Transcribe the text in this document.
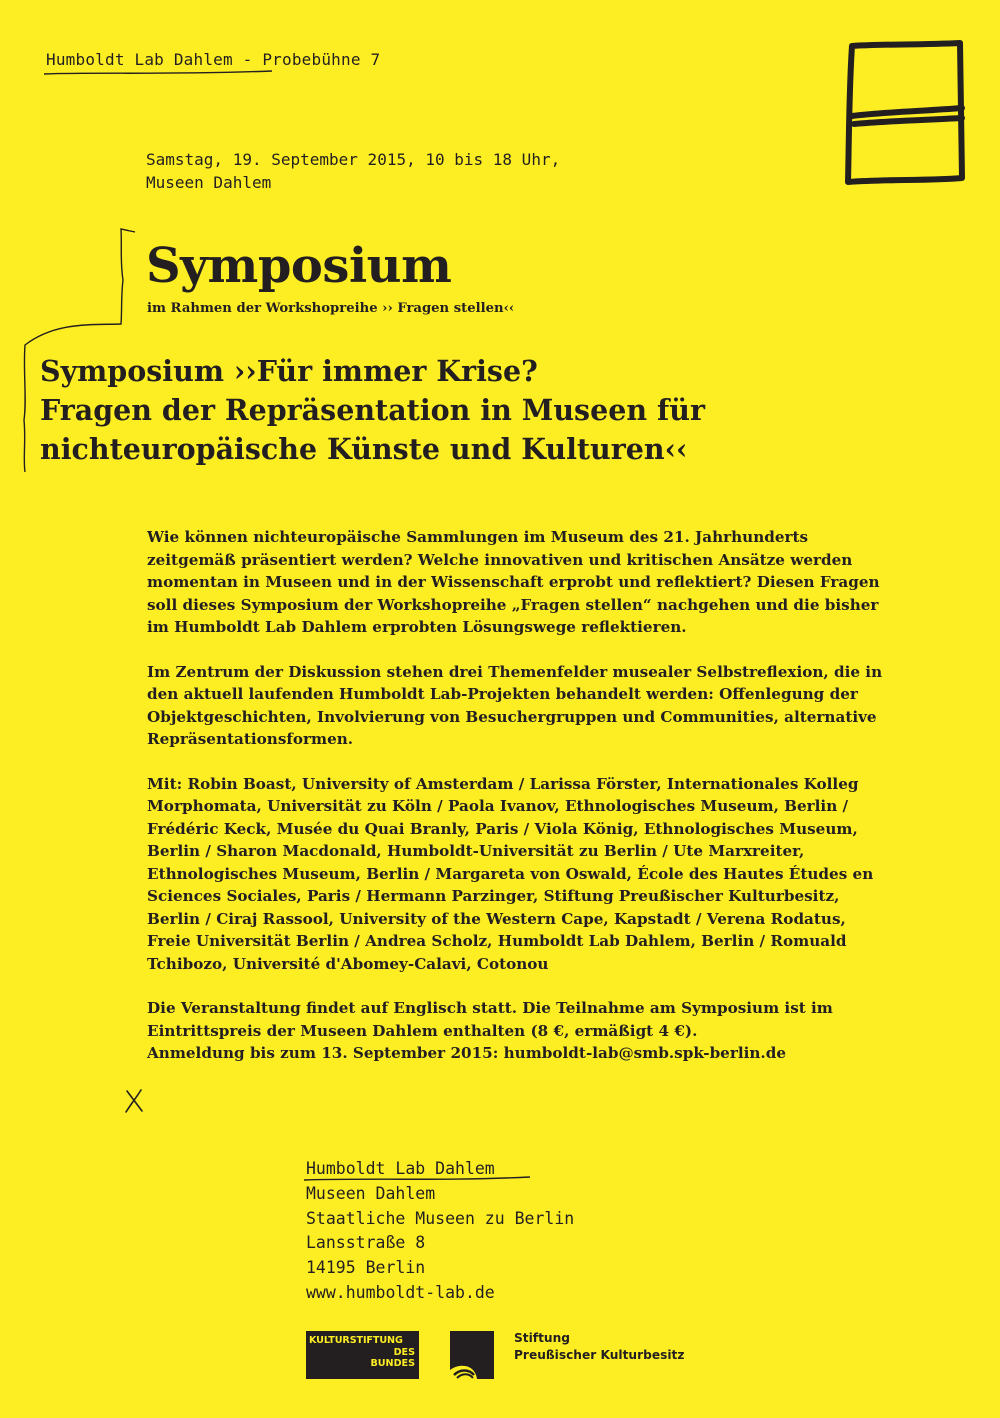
Humboldt Lab Dahlem - Probebühne 7
Samstag, 19. September 2015, 10 bis 18 Uhr,
Museen Dahlem
Symposium
im Rahmen der Workshopreihe ›› Fragen stellen‹‹
Symposium ››Für immer Krise?
Fragen der Repräsentation in Museen für
nichteuropäische Künste und Kulturen‹‹

Wie können nichteuropäische Sammlungen im Museum des 21. Jahrhunderts zeitgemäß präsentiert werden? Welche innovativen und kritischen Ansätze werden momentan in Museen und in der Wissenschaft erprobt und reflektiert? Diesen Fragen soll dieses Symposium der Workshopreihe „Fragen stellen“ nachgehen und die bisher im Humboldt Lab Dahlem erprobten Lösungswege reflektieren.

Im Zentrum der Diskussion stehen drei Themenfelder musealer Selbstreflexion, die in den aktuell laufenden Humboldt Lab-Projekten behandelt werden: Offenlegung der Objektgeschichten, Involvierung von Besuchergruppen und Communities, alternative Repräsentationsformen.

Mit: Robin Boast, University of Amsterdam / Larissa Förster, Internationales Kolleg Morphomata, Universität zu Köln / Paola Ivanov, Ethnologisches Museum, Berlin / Frédéric Keck, Musée du Quai Branly, Paris / Viola König, Ethnologisches Museum, Berlin / Sharon Macdonald, Humboldt-Universität zu Berlin / Ute Marxreiter, Ethnologisches Museum, Berlin / Margareta von Oswald, École des Hautes Études en Sciences Sociales, Paris / Hermann Parzinger, Stiftung Preußischer Kulturbesitz, Berlin / Ciraj Rassool, University of the Western Cape, Kapstadt / Verena Rodatus, Freie Universität Berlin / Andrea Scholz, Humboldt Lab Dahlem, Berlin / Romuald Tchibozo, Université d'Abomey-Calavi, Cotonou

Die Veranstaltung findet auf Englisch statt. Die Teilnahme am Symposium ist im Eintrittspreis der Museen Dahlem enthalten (8 €, ermäßigt 4 €).
Anmeldung bis zum 13. September 2015: humboldt-lab@smb.spk-berlin.de

Humboldt Lab Dahlem
Museen Dahlem
Staatliche Museen zu Berlin
Lansstraße 8
14195 Berlin
www.humboldt-lab.de
KULTURSTIFTUNG
DES
BUNDES
Stiftung
Preußischer Kulturbesitz
